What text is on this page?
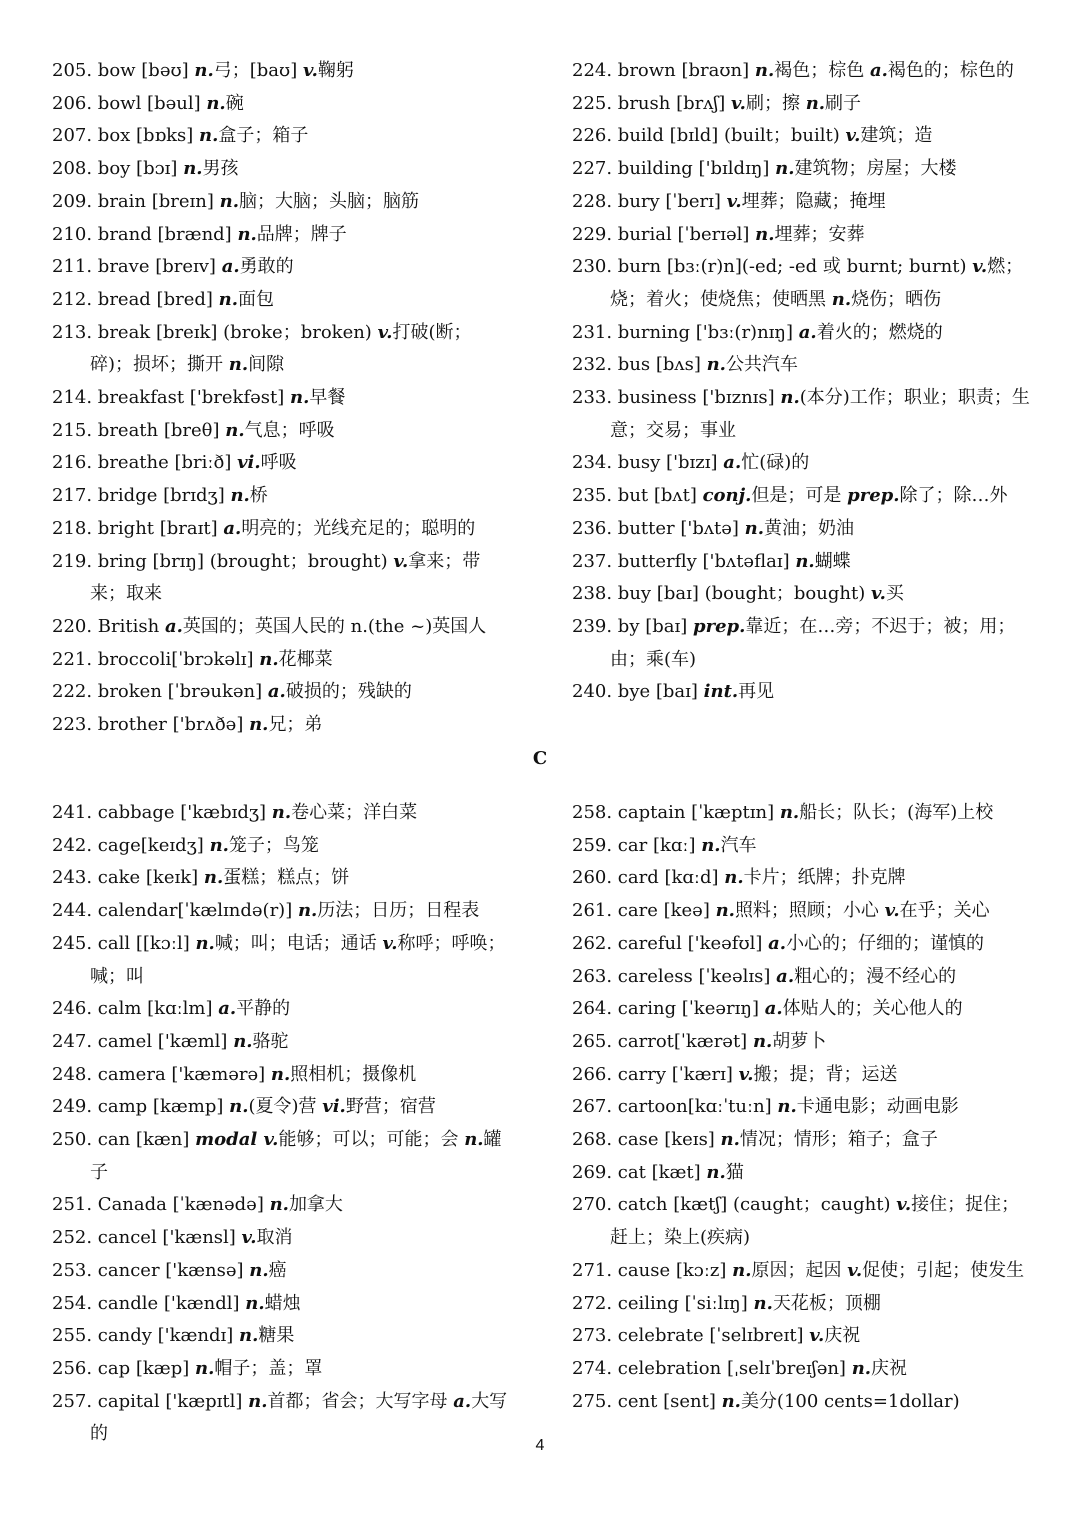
205. bow [bəʊ] n.弓；[baʊ] v.鞠躬
206. bowl [bəul] n.碗
207. box [bɒks] n.盒子；箱子
208. boy [bɔɪ] n.男孩
209. brain [breɪn] n.脑；大脑；头脑；脑筋
210. brand [brænd] n.品牌；牌子
211. brave [breɪv] a.勇敢的
212. bread [bred] n.面包
213. break [breɪk] (broke；broken) v.打破(断；碎)；损坏；撕开 n.间隙
214. breakfast ['brekfəst] n.早餐
215. breath [breθ] n.气息；呼吸
216. breathe [briːð] vi.呼吸
217. bridge [brɪdʒ] n.桥
218. bright [braɪt] a.明亮的；光线充足的；聪明的
219. bring [brɪŋ] (brought；brought) v.拿来；带来；取来
220. British a.英国的；英国人民的 n.(the ~)英国人
221. broccoli[ˈbrɔkəlɪ] n.花椰菜
222. broken [ˈbrəukən] a.破损的；残缺的
223. brother ['brʌðə] n.兄；弟
224. brown [braʊn] n.褐色；棕色 a.褐色的；棕色的
225. brush [brʌʃ] v.刷；擦 n.刷子
226. build [bɪld] (built；built) v.建筑；造
227. building ['bɪldɪŋ] n.建筑物；房屋；大楼
228. bury [ˈberɪ] v.埋葬；隐藏；掩埋
229. burial [ˈberɪəl] n.埋葬；安葬
230. burn [bɜː(r)n](-ed; -ed 或 burnt; burnt) v.燃；烧；着火；使烧焦；使晒黑 n.烧伤；晒伤
231. burning ['bɜː(r)nɪŋ] a.着火的；燃烧的
232. bus [bʌs] n.公共汽车
233. business ['bɪznɪs] n.(本分)工作；职业；职责；生意；交易；事业
234. busy ['bɪzɪ] a.忙(碌)的
235. but [bʌt] conj.但是；可是 prep.除了；除…外
236. butter ['bʌtə] n.黄油；奶油
237. butterfly ['bʌtəflaɪ] n.蝴蝶
238. buy [baɪ] (bought；bought) v.买
239. by [baɪ] prep.靠近；在…旁；不迟于；被；用；由；乘(车)
240. bye [baɪ] int.再见
C
241. cabbage ['kæbɪdʒ] n.卷心菜；洋白菜
242. cage[keɪdʒ] n.笼子；鸟笼
243. cake [keɪk] n.蛋糕；糕点；饼
244. calendar[ˈkælɪndə(r)] n.历法；日历；日程表
245. call [[kɔːl] n.喊；叫；电话；通话 v.称呼；呼唤；喊；叫
246. calm [kɑːlm] a.平静的
247. camel ['kæml] n.骆驼
248. camera ['kæmərə] n.照相机；摄像机
249. camp [kæmp] n.(夏令)营 vi.野营；宿营
250. can [kæn] modal v.能够；可以；可能；会 n.罐子
251. Canada [ˈkænədə] n.加拿大
252. cancel ['kænsl] v.取消
253. cancer ['kænsə] n.癌
254. candle ['kændl] n.蜡烛
255. candy ['kændɪ] n.糖果
256. cap [kæp] n.帽子；盖；罩
257. capital ['kæpɪtl] n.首都；省会；大写字母 a.大写的
258. captain [ˈkæptɪn] n.船长；队长；(海军)上校
259. car [kɑː] n.汽车
260. card [kɑːd] n.卡片；纸牌；扑克牌
261. care [keə] n.照料；照顾；小心 v.在乎；关心
262. careful ['keəfʊl] a.小心的；仔细的；谨慎的
263. careless [ˈkeəlɪs] a.粗心的；漫不经心的
264. caring [ˈkeərɪŋ] a.体贴人的；关心他人的
265. carrot[ˈkærət] n.胡萝卜
266. carry [ˈkærɪ] v.搬；提；背；运送
267. cartoon[kɑːˈtuːn] n.卡通电影；动画电影
268. case [keɪs] n.情况；情形；箱子；盒子
269. cat [kæt] n.猫
270. catch [kætʃ] (caught；caught) v.接住；捉住；赶上；染上(疾病)
271. cause [kɔːz] n.原因；起因 v.促使；引起；使发生
272. ceiling [ˈsiːlɪŋ] n.天花板；顶棚
273. celebrate [ˈselɪbreɪt] v.庆祝
274. celebration [ˌselɪˈbreɪʃən] n.庆祝
275. cent [sent] n.美分(100 cents=1dollar)
4
